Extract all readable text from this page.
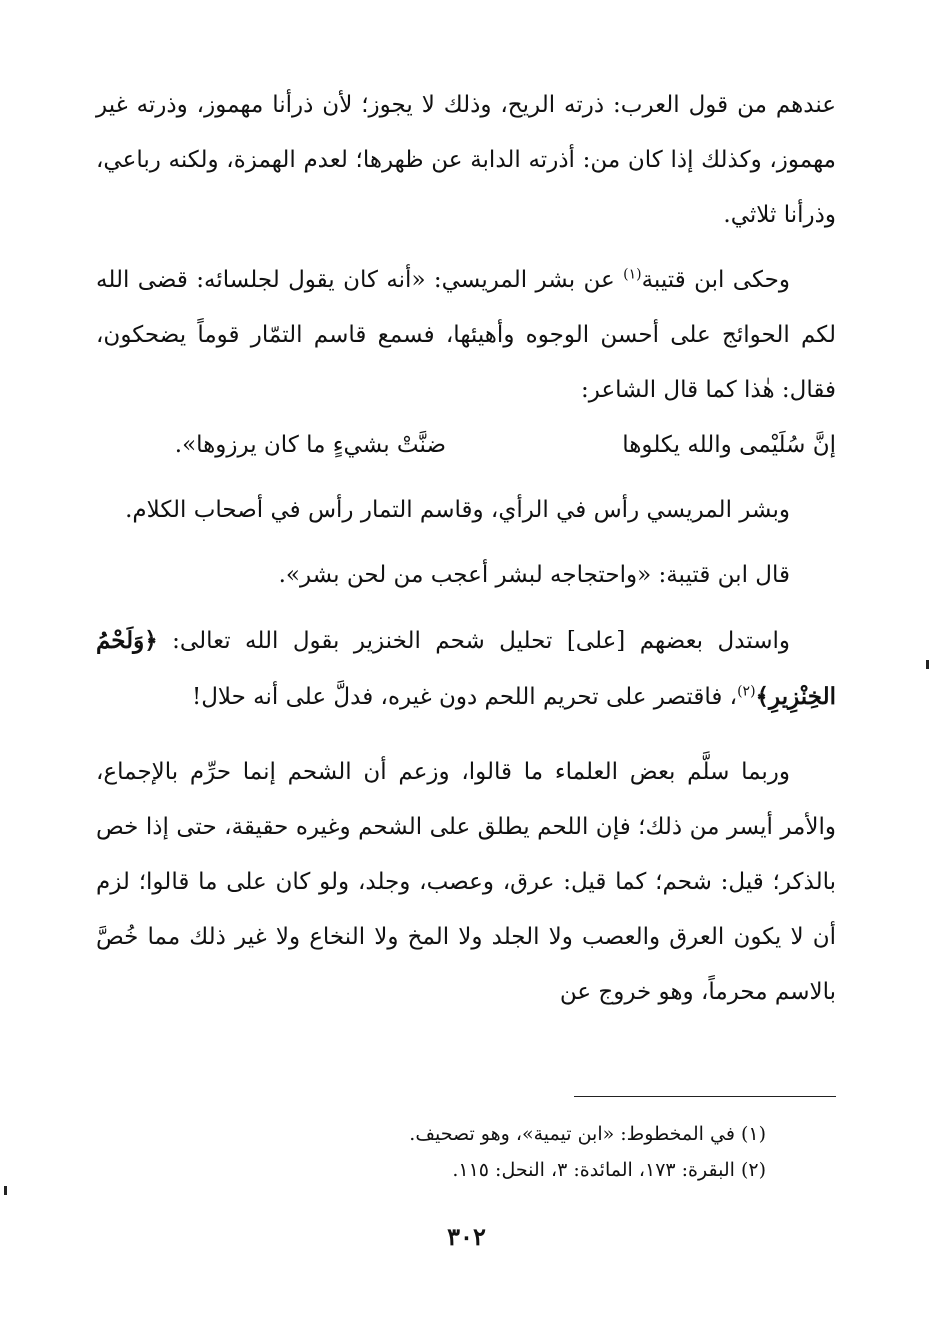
عندهم من قول العرب: ذرته الريح، وذلك لا يجوز؛ لأن ذرأنا مهموز، وذرته غير مهموز، وكذلك إذا كان من: أذرته الدابة عن ظهرها؛ لعدم الهمزة، ولكنه رباعي، وذرأنا ثلاثي.

وحكى ابن قتيبة$^{(١)}$ عن بشر المريسي: «أنه كان يقول لجلسائه: قضى الله لكم الحوائج على أحسن الوجوه وأهيئها، فسمع قاسم التمّار قوماً يضحكون، فقال: هٰذا كما قال الشاعر:

إنَّ سُلَيْمى والله يكلوها
ضنَّتْ بشيءٍ ما كان يرزوها».

وبشر المريسي رأس في الرأي، وقاسم التمار رأس في أصحاب الكلام.

قال ابن قتيبة: «واحتجاجه لبشر أعجب من لحن بشر».

واستدل بعضهم [على] تحليل شحم الخنزير بقول الله تعالى: ﴿وَلَحْمُ الخِنْزِيرِ﴾$^{(٢)}$، فاقتصر على تحريم اللحم دون غيره، فدلَّ على أنه حلال!

وربما سلَّم بعض العلماء ما قالوا، وزعم أن الشحم إنما حرِّم بالإجماع، والأمر أيسر من ذلك؛ فإن اللحم يطلق على الشحم وغيره حقيقة، حتى إذا خص بالذكر؛ قيل: شحم؛ كما قيل: عرق، وعصب، وجلد، ولو كان على ما قالوا؛ لزم أن لا يكون العرق والعصب ولا الجلد ولا المخ ولا النخاع ولا غير ذلك مما خُصَّ بالاسم محرماً، وهو خروج عن

(١) في المخطوط: «ابن تيمية»، وهو تصحيف.

(٢) البقرة: ١٧٣، المائدة: ٣، النحل: ١١٥.

٣٠٢
